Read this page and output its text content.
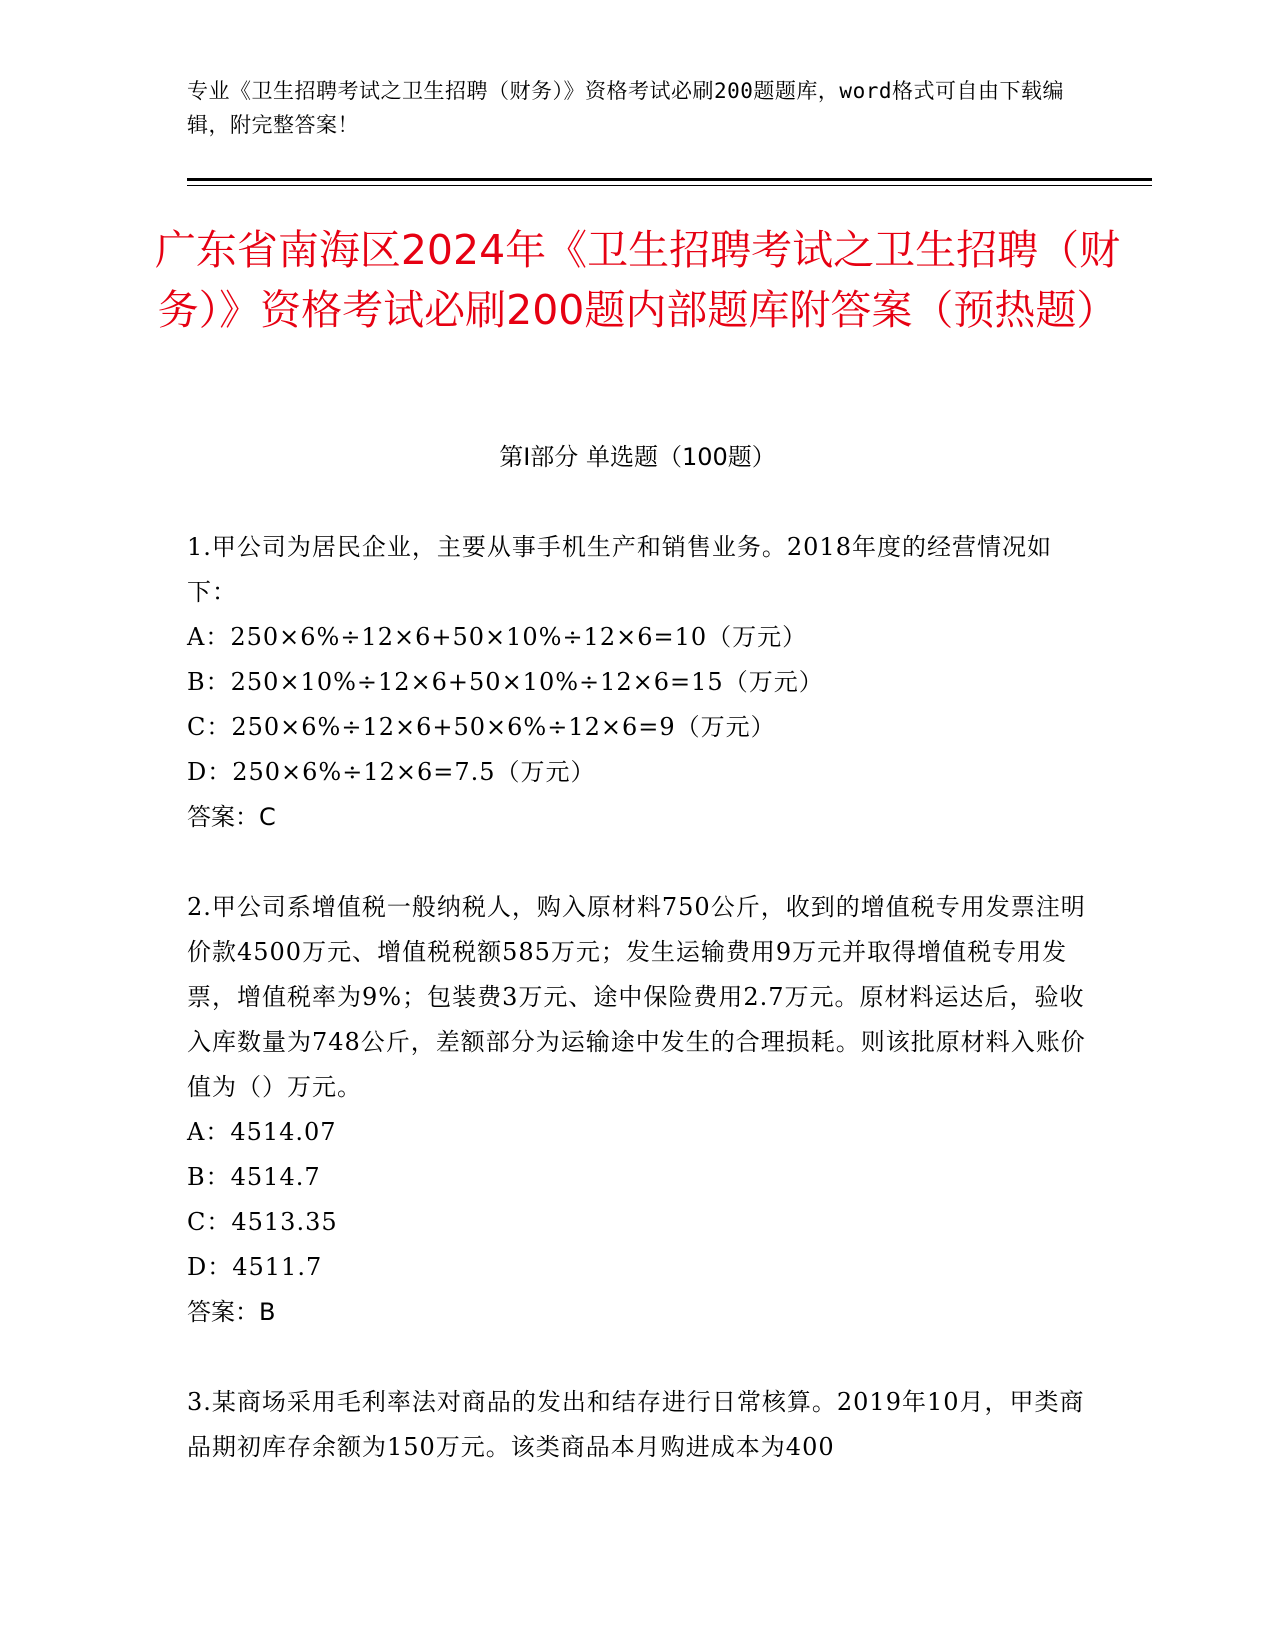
专业《卫生招聘考试之卫生招聘（财务）》资格考试必刷200题题库，word格式可自由下载编辑，附完整答案！
广东省南海区2024年《卫生招聘考试之卫生招聘（财务）》资格考试必刷200题内部题库附答案（预热题）
第Ⅰ部分 单选题（100题）

1.甲公司为居民企业，主要从事手机生产和销售业务。2018年度的经营情况如下：

A：250×6%÷12×6+50×10%÷12×6=10（万元）

B：250×10%÷12×6+50×10%÷12×6=15（万元）

C：250×6%÷12×6+50×6%÷12×6=9（万元）

D：250×6%÷12×6=7.5（万元）

答案：C

2.甲公司系增值税一般纳税人，购入原材料750公斤，收到的增值税专用发票注明价款4500万元、增值税税额585万元；发生运输费用9万元并取得增值税专用发票，增值税率为9%；包装费3万元、途中保险费用2.7万元。原材料运达后，验收入库数量为748公斤，差额部分为运输途中发生的合理损耗。则该批原材料入账价值为（）万元。

A：4514.07

B：4514.7

C：4513.35

D：4511.7

答案：B

3.某商场采用毛利率法对商品的发出和结存进行日常核算。2019年10月，甲类商品期初库存余额为150万元。该类商品本月购进成本为400
